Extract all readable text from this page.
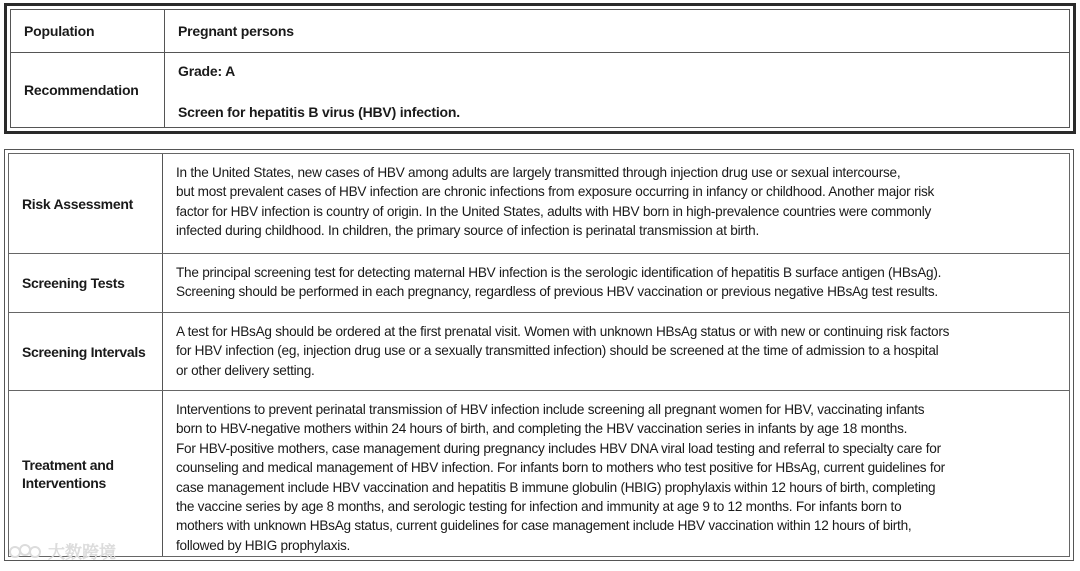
Population	Pregnant persons
Recommendation
Grade: A
Screen for hepatitis B virus (HBV) infection.
Risk Assessment
In the United States, new cases of HBV among adults are largely transmitted through injection drug use or sexual intercourse,
but most prevalent cases of HBV infection are chronic infections from exposure occurring in infancy or childhood. Another major risk
factor for HBV infection is country of origin. In the United States, adults with HBV born in high-prevalence countries were commonly
infected during childhood. In children, the primary source of infection is perinatal transmission at birth.
Screening Tests
The principal screening test for detecting maternal HBV infection is the serologic identification of hepatitis B surface antigen (HBsAg).
Screening should be performed in each pregnancy, regardless of previous HBV vaccination or previous negative HBsAg test results.
Screening Intervals
A test for HBsAg should be ordered at the first prenatal visit. Women with unknown HBsAg status or with new or continuing risk factors
for HBV infection (eg, injection drug use or a sexually transmitted infection) should be screened at the time of admission to a hospital
or other delivery setting.
Treatment and
Interventions
Interventions to prevent perinatal transmission of HBV infection include screening all pregnant women for HBV, vaccinating infants
born to HBV-negative mothers within 24 hours of birth, and completing the HBV vaccination series in infants by age 18 months.
For HBV-positive mothers, case management during pregnancy includes HBV DNA viral load testing and referral to specialty care for
counseling and medical management of HBV infection. For infants born to mothers who test positive for HBsAg, current guidelines for
case management include HBV vaccination and hepatitis B immune globulin (HBIG) prophylaxis within 12 hours of birth, completing
the vaccine series by age 8 months, and serologic testing for infection and immunity at age 9 to 12 months. For infants born to
mothers with unknown HBsAg status, current guidelines for case management include HBV vaccination within 12 hours of birth,
followed by HBIG prophylaxis.
大数跨境
